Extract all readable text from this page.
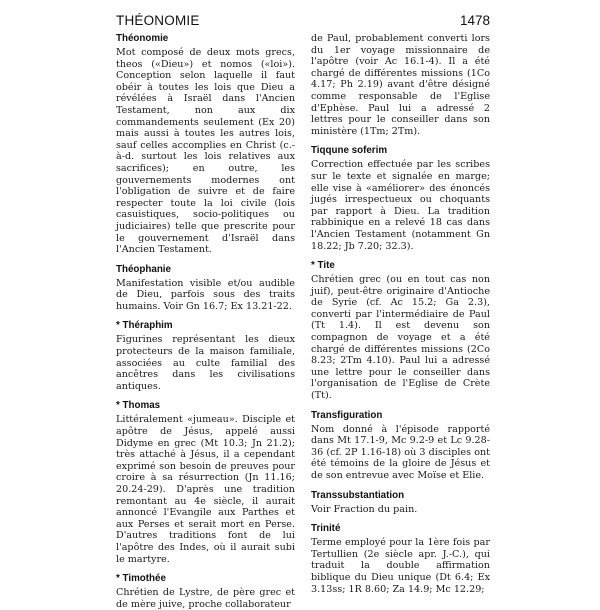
THÉONOMIE	1478

Théonomie

Mot composé de deux mots grecs, theos («Dieu») et nomos («loi»). Conception selon laquelle il faut obéir à toutes les lois que Dieu a révélées à Israël dans l'Ancien Testament, non aux dix commandements seulement (Ex 20) mais aussi à toutes les autres lois, sauf celles accomplies en Christ (c.-à-d. surtout les lois relatives aux sacrifices); en outre, les gouvernements modernes ont l'obligation de suivre et de faire respecter toute la loi civile (lois casuistiques, socio-politiques ou judiciaires) telle que prescrite pour le gouvernement d'Israël dans l'Ancien Testament.

Théophanie

Manifestation visible et/ou audible de Dieu, parfois sous des traits humains. Voir Gn 16.7; Ex 13.21-22.

* Théraphim

Figurines représentant les dieux protecteurs de la maison familiale, associées au culte familial des ancêtres dans les civilisations antiques.

* Thomas

Littéralement «jumeau». Disciple et apôtre de Jésus, appelé aussi Didyme en grec (Mt 10.3; Jn 21.2); très attaché à Jésus, il a cependant exprimé son besoin de preuves pour croire à sa résurrection (Jn 11.16; 20.24-29). D'après une tradition remontant au 4e siècle, il aurait annoncé l'Evangile aux Parthes et aux Perses et serait mort en Perse. D'autres traditions font de lui l'apôtre des Indes, où il aurait subi le martyre.

* Timothée

Chrétien de Lystre, de père grec et de mère juive, proche collaborateur

de Paul, probablement converti lors du 1er voyage missionnaire de l'apôtre (voir Ac 16.1-4). Il a été chargé de différentes missions (1Co 4.17; Ph 2.19) avant d'être désigné comme responsable de l'Eglise d'Ephèse. Paul lui a adressé 2 lettres pour le conseiller dans son ministère (1Tm; 2Tm).

Tiqqune soferim

Correction effectuée par les scribes sur le texte et signalée en marge; elle vise à «améliorer» des énoncés jugés irrespectueux ou choquants par rapport à Dieu. La tradition rabbinique en a relevé 18 cas dans l'Ancien Testament (notamment Gn 18.22; Jb 7.20; 32.3).

* Tite

Chrétien grec (ou en tout cas non juif), peut-être originaire d'Antioche de Syrie (cf. Ac 15.2; Ga 2.3), converti par l'intermédiaire de Paul (Tt 1.4). Il est devenu son compagnon de voyage et a été chargé de différentes missions (2Co 8.23; 2Tm 4.10). Paul lui a adressé une lettre pour le conseiller dans l'organisation de l'Eglise de Crète (Tt).

Transfiguration

Nom donné à l'épisode rapporté dans Mt 17.1-9, Mc 9.2-9 et Lc 9.28-36 (cf. 2P 1.16-18) où 3 disciples ont été témoins de la gloire de Jésus et de son entrevue avec Moïse et Elie.

Transsubstantiation

Voir Fraction du pain.

Trinité

Terme employé pour la 1ère fois par Tertullien (2e siècle apr. J.-C.), qui traduit la double affirmation biblique du Dieu unique (Dt 6.4; Ex 3.13ss; 1R 8.60; Za 14.9; Mc 12.29;
